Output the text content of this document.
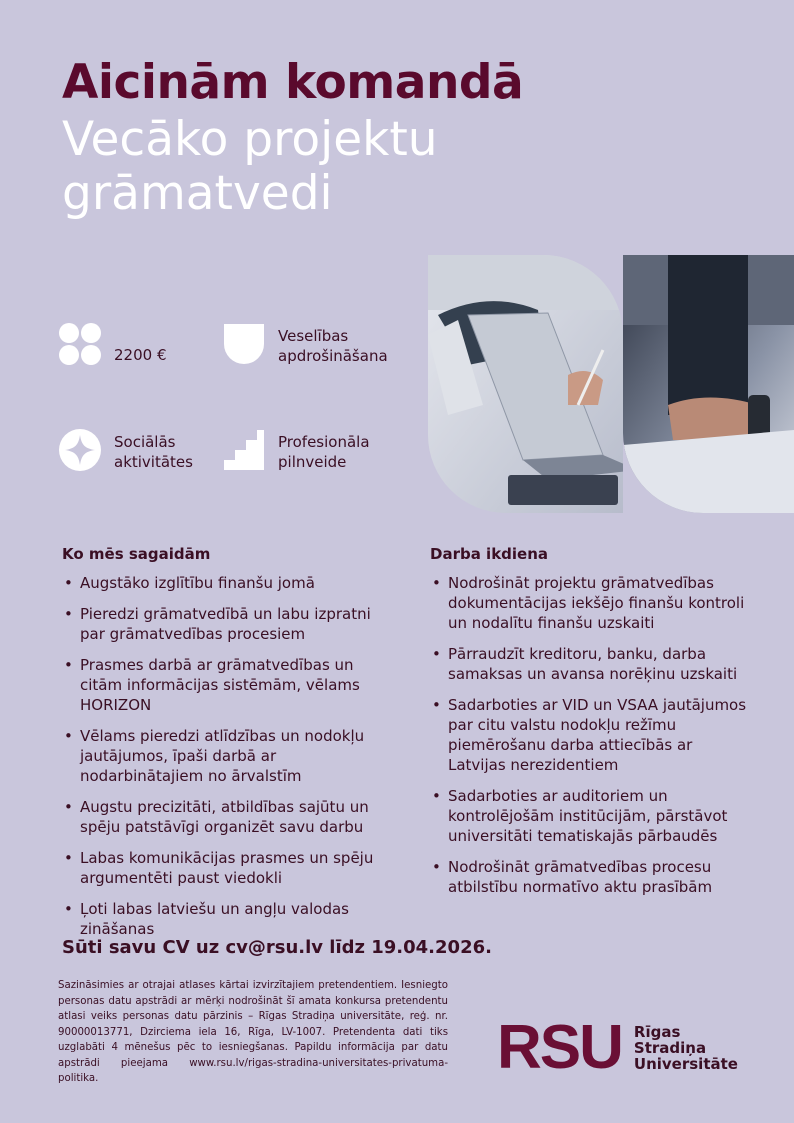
Aicinām komandā
Vecāko projektu grāmatvedi
2200 €
Veselības
apdrošināšana
Sociālās
aktivitātes
Profesionāla
pilnveide
Ko mēs sagaidām
• Augstāko izglītību finanšu jomā
• Pieredzi grāmatvedībā un labu izpratni par grāmatvedības procesiem
• Prasmes darbā ar grāmatvedības un citām informācijas sistēmām, vēlams HORIZON
• Vēlams pieredzi atlīdzības un nodokļu jautājumos, īpaši darbā ar nodarbinātajiem no ārvalstīm
• Augstu precizitāti, atbildības sajūtu un spēju patstāvīgi organizēt savu darbu
• Labas komunikācijas prasmes un spēju argumentēti paust viedokli
• Ļoti labas latviešu un angļu valodas zināšanas
Darba ikdiena
• Nodrošināt projektu grāmatvedības dokumentācijas iekšējo finanšu kontroli un nodalītu finanšu uzskaiti
• Pārraudzīt kreditoru, banku, darba samaksas un avansa norēķinu uzskaiti
• Sadarboties ar VID un VSAA jautājumos par citu valstu nodokļu režīmu piemērošanu darba attiecībās ar Latvijas nerezidentiem
• Sadarboties ar auditoriem un kontrolējošām institūcijām, pārstāvot universitāti tematiskajās pārbaudēs
• Nodrošināt grāmatvedības procesu atbilstību normatīvo aktu prasībām
Sūti savu CV uz cv@rsu.lv līdz 19.04.2026.
Sazināsimies ar otrajai atlases kārtai izvirzītajiem pretendentiem. Iesniegto personas datu apstrādi ar mērķi nodrošināt šī amata konkursa pretendentu atlasi veiks personas datu pārzinis – Rīgas Stradiņa universitāte, reģ. nr. 90000013771, Dzirciema iela 16, Rīga, LV-1007. Pretendenta dati tiks uzglabāti 4 mēnešus pēc to iesniegšanas. Papildu informācija par datu apstrādi pieejama www.rsu.lv/rigas-stradina-universitates-privatuma-politika.	RSU Rīgas
Stradiņa
Universitāte
